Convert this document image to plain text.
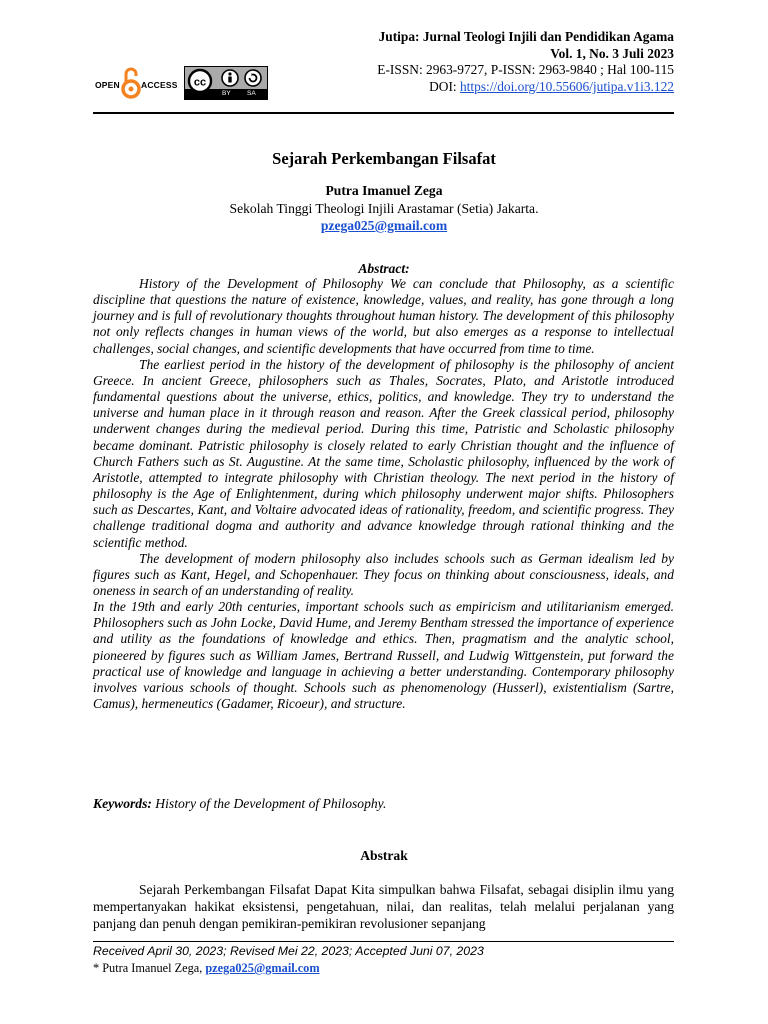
Jutipa: Jurnal Teologi Injili dan Pendidikan Agama
Vol. 1, No. 3 Juli 2023
E-ISSN: 2963-9727, P-ISSN: 2963-9840 ; Hal 100-115
DOI: https://doi.org/10.55606/jutipa.v1i3.122
OPEN ACCESS cc
BY	SA
Sejarah Perkembangan Filsafat
Putra Imanuel Zega
Sekolah Tinggi Theologi Injili Arastamar (Setia) Jakarta.
pzega025@gmail.com
Abstract:

History of the Development of Philosophy We can conclude that Philosophy, as a scientific discipline that questions the nature of existence, knowledge, values, and reality, has gone through a long journey and is full of revolutionary thoughts throughout human history. The development of this philosophy not only reflects changes in human views of the world, but also emerges as a response to intellectual challenges, social changes, and scientific developments that have occurred from time to time.

The earliest period in the history of the development of philosophy is the philosophy of ancient Greece. In ancient Greece, philosophers such as Thales, Socrates, Plato, and Aristotle introduced fundamental questions about the universe, ethics, politics, and knowledge. They try to understand the universe and human place in it through reason and reason. After the Greek classical period, philosophy underwent changes during the medieval period. During this time, Patristic and Scholastic philosophy became dominant. Patristic philosophy is closely related to early Christian thought and the influence of Church Fathers such as St. Augustine. At the same time, Scholastic philosophy, influenced by the work of Aristotle, attempted to integrate philosophy with Christian theology. The next period in the history of philosophy is the Age of Enlightenment, during which philosophy underwent major shifts. Philosophers such as Descartes, Kant, and Voltaire advocated ideas of rationality, freedom, and scientific progress. They challenge traditional dogma and authority and advance knowledge through rational thinking and the scientific method.

The development of modern philosophy also includes schools such as German idealism led by figures such as Kant, Hegel, and Schopenhauer. They focus on thinking about consciousness, ideals, and oneness in search of an understanding of reality.

In the 19th and early 20th centuries, important schools such as empiricism and utilitarianism emerged. Philosophers such as John Locke, David Hume, and Jeremy Bentham stressed the importance of experience and utility as the foundations of knowledge and ethics. Then, pragmatism and the analytic school, pioneered by figures such as William James, Bertrand Russell, and Ludwig Wittgenstein, put forward the practical use of knowledge and language in achieving a better understanding. Contemporary philosophy involves various schools of thought. Schools such as phenomenology (Husserl), existentialism (Sartre, Camus), hermeneutics (Gadamer, Ricoeur), and structure.

Keywords: History of the Development of Philosophy.
Abstrak

Sejarah Perkembangan Filsafat Dapat Kita simpulkan bahwa Filsafat, sebagai disiplin ilmu yang mempertanyakan hakikat eksistensi, pengetahuan, nilai, dan realitas, telah melalui perjalanan yang panjang dan penuh dengan pemikiran-pemikiran revolusioner sepanjang

Received April 30, 2023; Revised Mei 22, 2023; Accepted Juni 07, 2023
* Putra Imanuel Zega, pzega025@gmail.com
